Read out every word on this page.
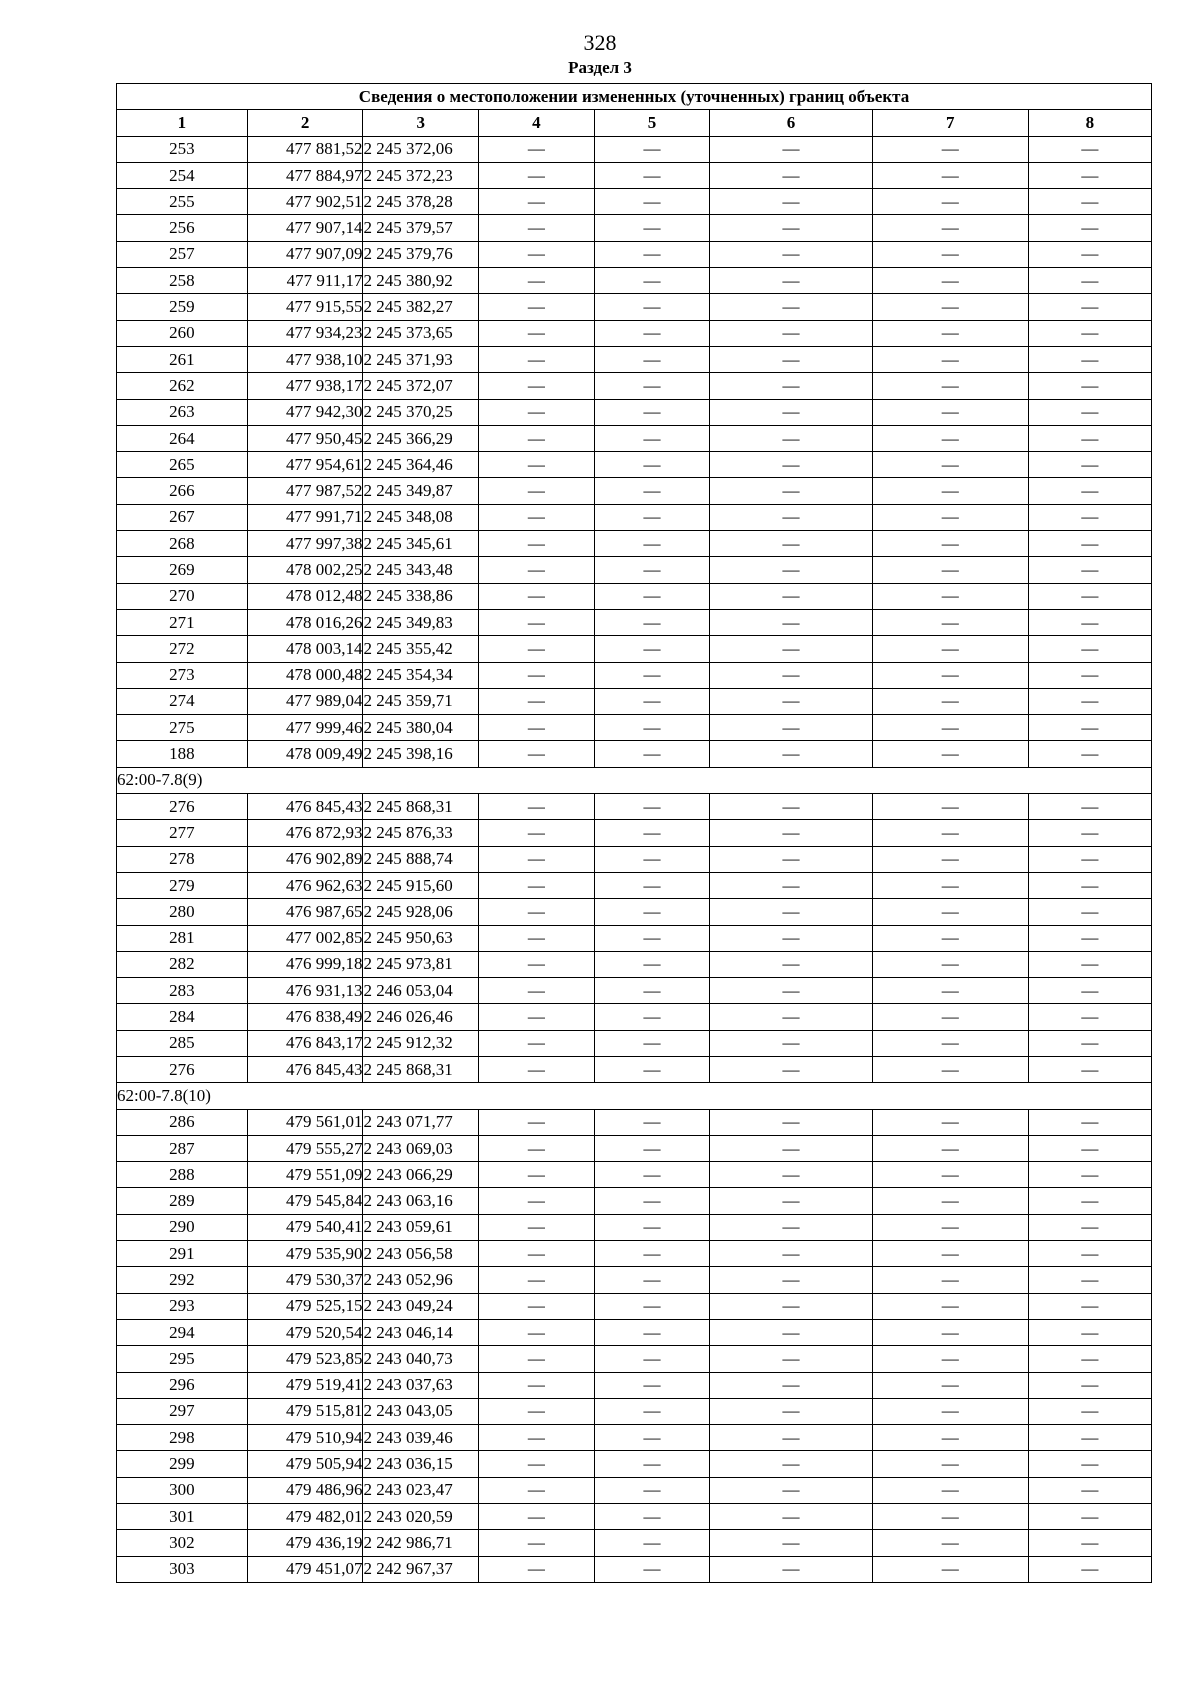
328
Раздел 3
Сведения о местоположении измененных (уточненных) границ объекта							
1	2	3	4	5	6	7	8
253	477 881,52	2 245 372,06	—	—	—	—	—
254	477 884,97	2 245 372,23	—	—	—	—	—
255	477 902,51	2 245 378,28	—	—	—	—	—
256	477 907,14	2 245 379,57	—	—	—	—	—
257	477 907,09	2 245 379,76	—	—	—	—	—
258	477 911,17	2 245 380,92	—	—	—	—	—
259	477 915,55	2 245 382,27	—	—	—	—	—
260	477 934,23	2 245 373,65	—	—	—	—	—
261	477 938,10	2 245 371,93	—	—	—	—	—
262	477 938,17	2 245 372,07	—	—	—	—	—
263	477 942,30	2 245 370,25	—	—	—	—	—
264	477 950,45	2 245 366,29	—	—	—	—	—
265	477 954,61	2 245 364,46	—	—	—	—	—
266	477 987,52	2 245 349,87	—	—	—	—	—
267	477 991,71	2 245 348,08	—	—	—	—	—
268	477 997,38	2 245 345,61	—	—	—	—	—
269	478 002,25	2 245 343,48	—	—	—	—	—
270	478 012,48	2 245 338,86	—	—	—	—	—
271	478 016,26	2 245 349,83	—	—	—	—	—
272	478 003,14	2 245 355,42	—	—	—	—	—
273	478 000,48	2 245 354,34	—	—	—	—	—
274	477 989,04	2 245 359,71	—	—	—	—	—
275	477 999,46	2 245 380,04	—	—	—	—	—
188	478 009,49	2 245 398,16	—	—	—	—	—
62:00-7.8(9)							
276	476 845,43	2 245 868,31	—	—	—	—	—
277	476 872,93	2 245 876,33	—	—	—	—	—
278	476 902,89	2 245 888,74	—	—	—	—	—
279	476 962,63	2 245 915,60	—	—	—	—	—
280	476 987,65	2 245 928,06	—	—	—	—	—
281	477 002,85	2 245 950,63	—	—	—	—	—
282	476 999,18	2 245 973,81	—	—	—	—	—
283	476 931,13	2 246 053,04	—	—	—	—	—
284	476 838,49	2 246 026,46	—	—	—	—	—
285	476 843,17	2 245 912,32	—	—	—	—	—
276	476 845,43	2 245 868,31	—	—	—	—	—
62:00-7.8(10)							
286	479 561,01	2 243 071,77	—	—	—	—	—
287	479 555,27	2 243 069,03	—	—	—	—	—
288	479 551,09	2 243 066,29	—	—	—	—	—
289	479 545,84	2 243 063,16	—	—	—	—	—
290	479 540,41	2 243 059,61	—	—	—	—	—
291	479 535,90	2 243 056,58	—	—	—	—	—
292	479 530,37	2 243 052,96	—	—	—	—	—
293	479 525,15	2 243 049,24	—	—	—	—	—
294	479 520,54	2 243 046,14	—	—	—	—	—
295	479 523,85	2 243 040,73	—	—	—	—	—
296	479 519,41	2 243 037,63	—	—	—	—	—
297	479 515,81	2 243 043,05	—	—	—	—	—
298	479 510,94	2 243 039,46	—	—	—	—	—
299	479 505,94	2 243 036,15	—	—	—	—	—
300	479 486,96	2 243 023,47	—	—	—	—	—
301	479 482,01	2 243 020,59	—	—	—	—	—
302	479 436,19	2 242 986,71	—	—	—	—	—
303	479 451,07	2 242 967,37	—	—	—	—	—
